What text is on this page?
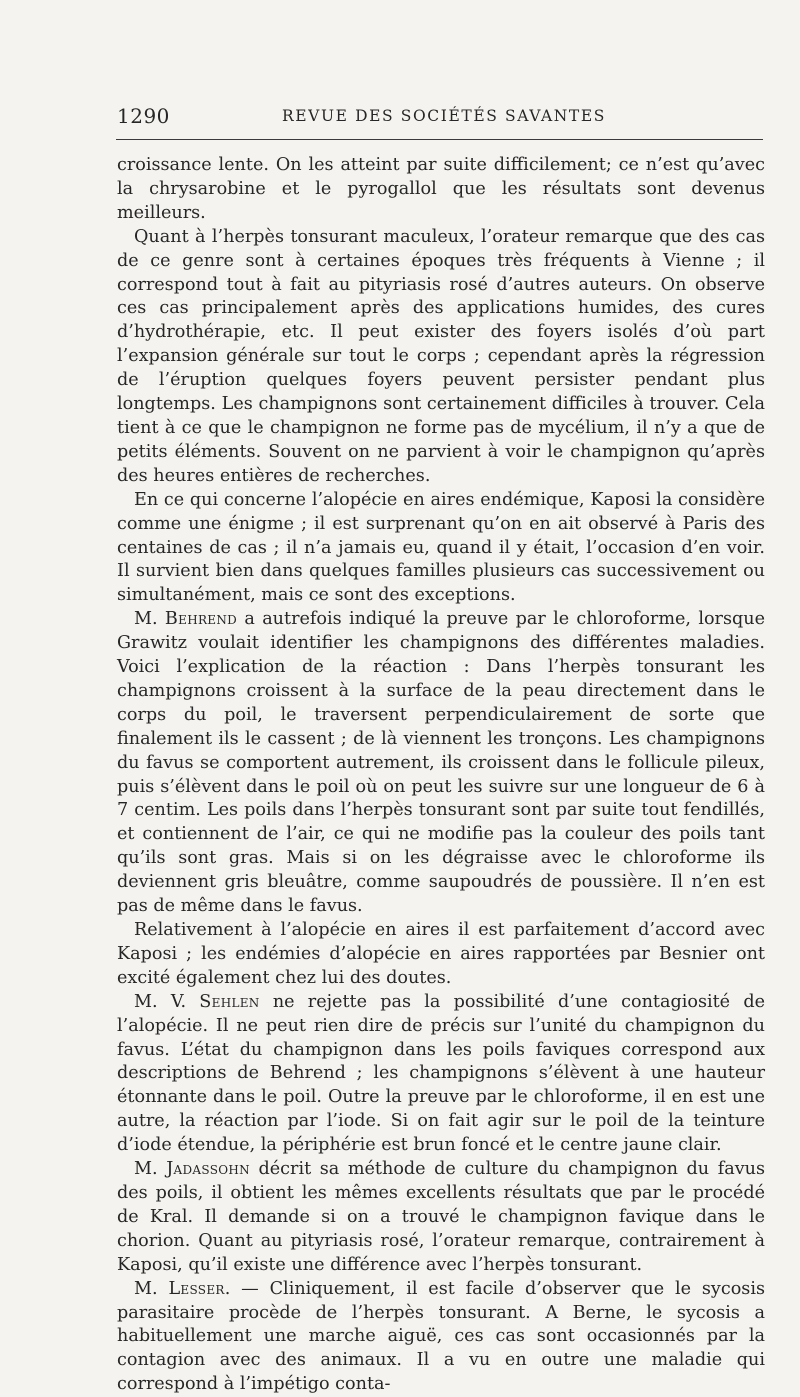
1290	REVUE DES SOCIÉTÉS SAVANTES

croissance lente. On les atteint par suite difficilement; ce n’est qu’avec la chrysarobine et le pyrogallol que les résultats sont devenus meilleurs.

Quant à l’herpès tonsurant maculeux, l’orateur remarque que des cas de ce genre sont à certaines époques très fréquents à Vienne ; il correspond tout à fait au pityriasis rosé d’autres auteurs. On observe ces cas principalement après des applications humides, des cures d’hydrothérapie, etc. Il peut exister des foyers isolés d’où part l’expansion générale sur tout le corps ; cependant après la régression de l’éruption quelques foyers peuvent persister pendant plus longtemps. Les champignons sont certainement difficiles à trouver. Cela tient à ce que le champignon ne forme pas de mycélium, il n’y a que de petits éléments. Souvent on ne parvient à voir le champignon qu’après des heures entières de recherches.

En ce qui concerne l’alopécie en aires endémique, Kaposi la considère comme une énigme ; il est surprenant qu’on en ait observé à Paris des centaines de cas ; il n’a jamais eu, quand il y était, l’occasion d’en voir. Il survient bien dans quelques familles plusieurs cas successivement ou simultanément, mais ce sont des exceptions.

M. Behrend a autrefois indiqué la preuve par le chloroforme, lorsque Grawitz voulait identifier les champignons des différentes maladies. Voici l’explication de la réaction : Dans l’herpès tonsurant les champignons croissent à la surface de la peau directement dans le corps du poil, le traversent perpendiculairement de sorte que finalement ils le cassent ; de là viennent les tronçons. Les champignons du favus se comportent autrement, ils croissent dans le follicule pileux, puis s’élèvent dans le poil où on peut les suivre sur une longueur de 6 à 7 centim. Les poils dans l’herpès tonsurant sont par suite tout fendillés, et contiennent de l’air, ce qui ne modifie pas la couleur des poils tant qu’ils sont gras. Mais si on les dégraisse avec le chloroforme ils deviennent gris bleuâtre, comme saupoudrés de poussière. Il n’en est pas de même dans le favus.

Relativement à l’alopécie en aires il est parfaitement d’accord avec Kaposi ; les endémies d’alopécie en aires rapportées par Besnier ont excité également chez lui des doutes.

M. V. Sehlen ne rejette pas la possibilité d’une contagiosité de l’alopécie. Il ne peut rien dire de précis sur l’unité du champignon du favus. L’état du champignon dans les poils faviques correspond aux descriptions de Behrend ; les champignons s’élèvent à une hauteur étonnante dans le poil. Outre la preuve par le chloroforme, il en est une autre, la réaction par l’iode. Si on fait agir sur le poil de la teinture d’iode étendue, la périphérie est brun foncé et le centre jaune clair.

M. Jadassohn décrit sa méthode de culture du champignon du favus des poils, il obtient les mêmes excellents résultats que par le procédé de Kral. Il demande si on a trouvé le champignon favique dans le chorion. Quant au pityriasis rosé, l’orateur remarque, contrairement à Kaposi, qu’il existe une différence avec l’herpès tonsurant.

M. Lesser. — Cliniquement, il est facile d’observer que le sycosis parasitaire procède de l’herpès tonsurant. A Berne, le sycosis a habituellement une marche aiguë, ces cas sont occasionnés par la contagion avec des animaux. Il a vu en outre une maladie qui correspond à l’impétigo conta-
